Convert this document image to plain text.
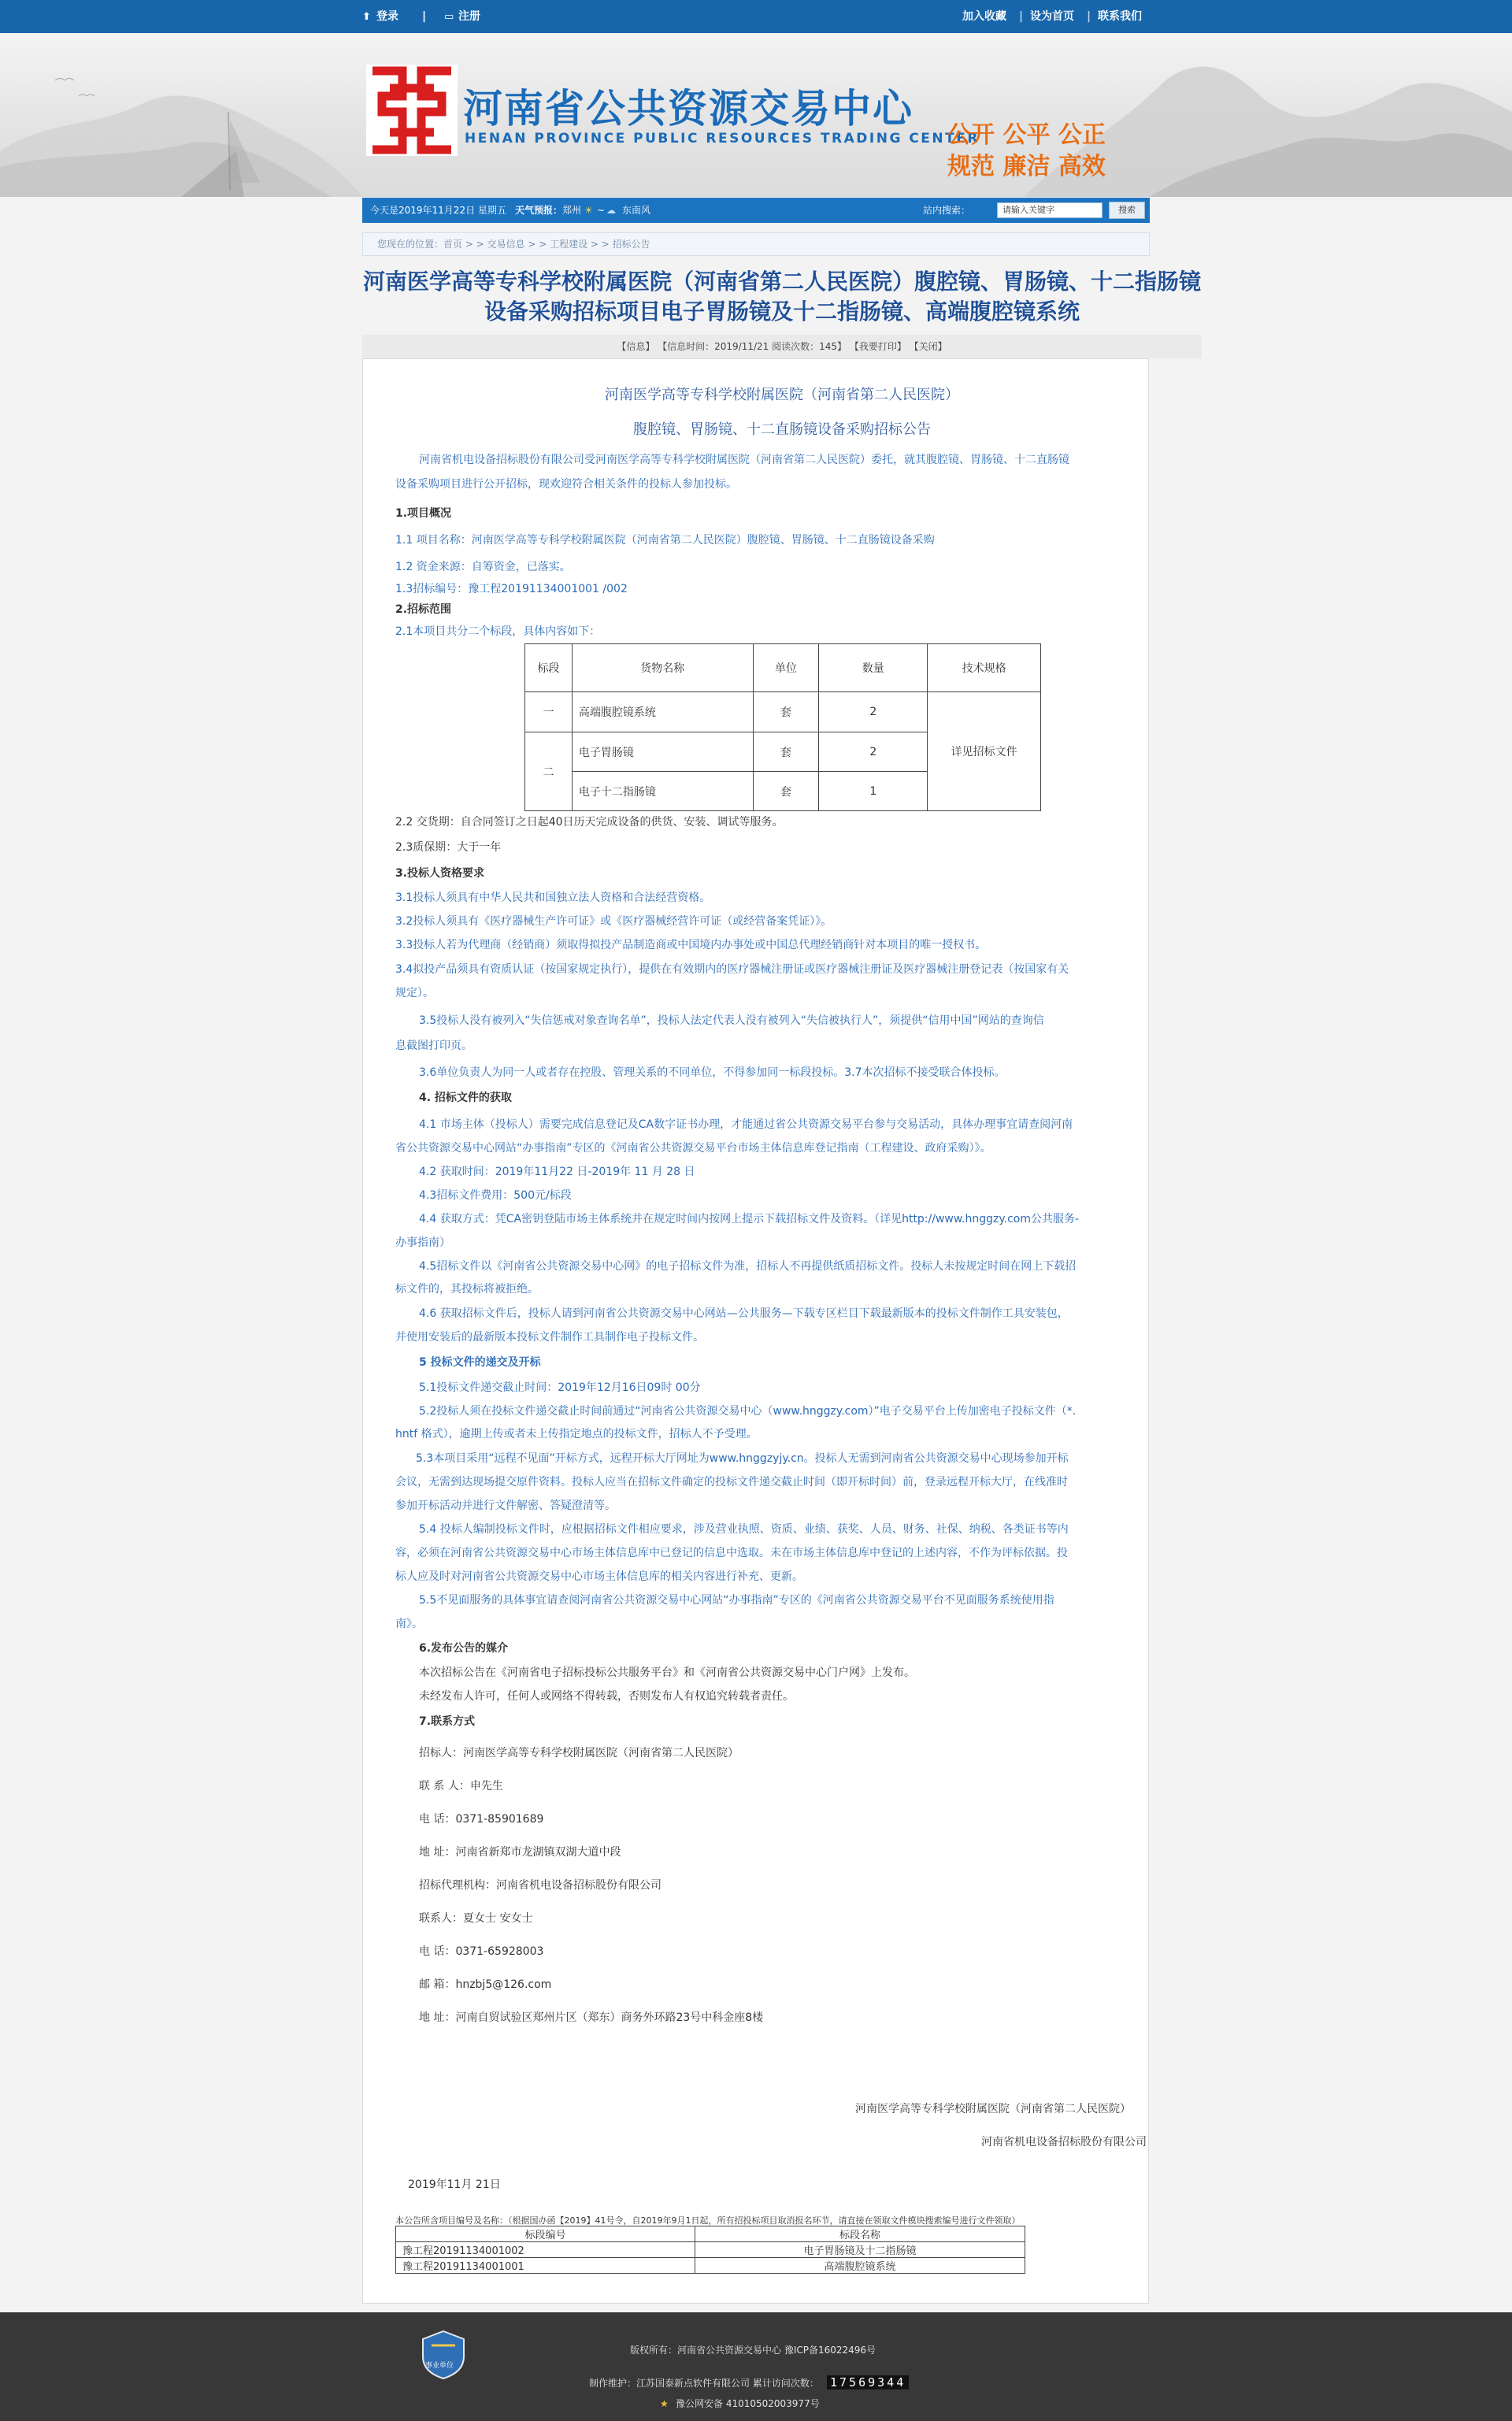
⬆ 登录 | ▭ 注册	加入收藏 | 设为首页 | 联系我们
河南省公共资源交易中心
HENAN PROVINCE PUBLIC RESOURCES TRADING CENTER
公开 公平 公正
规范 廉洁 高效
今天是2019年11月22日 星期五 天气预报： 郑州 ☀ ~ ☁ 东南风	站内搜索：	请输入关键字	搜索
您现在的位置：首页 > > 交易信息 > > 工程建设 > > 招标公告
河南医学高等专科学校附属医院（河南省第二人民医院）腹腔镜、胃肠镜、十二指肠镜
设备采购招标项目电子胃肠镜及十二指肠镜、高端腹腔镜系统
【信息】 【信息时间：2019/11/21 阅读次数：145】 【我要打印】 【关闭】
河南医学高等专科学校附属医院（河南省第二人民医院）
腹腔镜、胃肠镜、十二直肠镜设备采购招标公告
河南省机电设备招标股份有限公司受河南医学高等专科学校附属医院（河南省第二人民医院）委托，就其腹腔镜、胃肠镜、十二直肠镜
设备采购项目进行公开招标，现欢迎符合相关条件的投标人参加投标。
1.项目概况
1.1 项目名称：河南医学高等专科学校附属医院（河南省第二人民医院）腹腔镜、胃肠镜、十二直肠镜设备采购
1.2 资金来源：自筹资金，已落实。
1.3招标编号：豫工程20191134001001 /002
2.招标范围
2.1本项目共分二个标段，具体内容如下：
标段	货物名称	单位	数量	技术规格
一	高端腹腔镜系统	套	2	详见招标文件
二	电子胃肠镜	套	2	
	电子十二指肠镜	套	1	
2.2 交货期：自合同签订之日起40日历天完成设备的供货、安装、调试等服务。
2.3质保期：大于一年
3.投标人资格要求
3.1投标人须具有中华人民共和国独立法人资格和合法经营资格。
3.2投标人须具有《医疗器械生产许可证》或《医疗器械经营许可证（或经营备案凭证）》。
3.3投标人若为代理商（经销商）须取得拟投产品制造商或中国境内办事处或中国总代理经销商针对本项目的唯一授权书。
3.4拟投产品须具有资质认证（按国家规定执行），提供在有效期内的医疗器械注册证或医疗器械注册证及医疗器械注册登记表（按国家有关
规定）。
3.5投标人没有被列入“失信惩戒对象查询名单”，投标人法定代表人没有被列入“失信被执行人”，须提供“信用中国”网站的查询信
息截图打印页。
3.6单位负责人为同一人或者存在控股、管理关系的不同单位，不得参加同一标段投标。3.7本次招标不接受联合体投标。
4. 招标文件的获取
4.1 市场主体（投标人）需要完成信息登记及CA数字证书办理，才能通过省公共资源交易平台参与交易活动，具体办理事宜请查阅河南
省公共资源交易中心网站“办事指南”专区的《河南省公共资源交易平台市场主体信息库登记指南（工程建设、政府采购）》。
4.2 获取时间：2019年11月22 日-2019年 11 月 28 日
4.3招标文件费用：500元/标段
4.4 获取方式：凭CA密钥登陆市场主体系统并在规定时间内按网上提示下载招标文件及资料。（详见http://www.hnggzy.com公共服务-
办事指南）
4.5招标文件以《河南省公共资源交易中心网》的电子招标文件为准，招标人不再提供纸质招标文件。投标人未按规定时间在网上下载招
标文件的，其投标将被拒绝。
4.6 获取招标文件后，投标人请到河南省公共资源交易中心网站—公共服务—下载专区栏目下载最新版本的投标文件制作工具安装包，
并使用安装后的最新版本投标文件制作工具制作电子投标文件。
5 投标文件的递交及开标
5.1投标文件递交截止时间：2019年12月16日09时 00分
5.2投标人须在投标文件递交截止时间前通过“河南省公共资源交易中心（www.hnggzy.com）”电子交易平台上传加密电子投标文件（*.
hntf 格式），逾期上传或者未上传指定地点的投标文件，招标人不予受理。
5.3本项目采用“远程不见面”开标方式，远程开标大厅网址为www.hnggzyjy.cn。投标人无需到河南省公共资源交易中心现场参加开标
会议，无需到达现场提交原件资料。投标人应当在招标文件确定的投标文件递交截止时间（即开标时间）前，登录远程开标大厅，在线准时
参加开标活动并进行文件解密、答疑澄清等。
5.4 投标人编制投标文件时，应根据招标文件相应要求，涉及营业执照、资质、业绩、获奖、人员、财务、社保、纳税、各类证书等内
容，必须在河南省公共资源交易中心市场主体信息库中已登记的信息中选取。未在市场主体信息库中登记的上述内容，不作为评标依据。投
标人应及时对河南省公共资源交易中心市场主体信息库的相关内容进行补充、更新。
5.5不见面服务的具体事宜请查阅河南省公共资源交易中心网站“办事指南”专区的《河南省公共资源交易平台不见面服务系统使用指
南》。
6.发布公告的媒介
本次招标公告在《河南省电子招标投标公共服务平台》和《河南省公共资源交易中心门户网》上发布。
未经发布人许可，任何人或网络不得转载，否则发布人有权追究转载者责任。
7.联系方式
招标人：河南医学高等专科学校附属医院（河南省第二人民医院）
联 系 人：申先生
电 话：0371-85901689
地 址：河南省新郑市龙湖镇双湖大道中段
招标代理机构：河南省机电设备招标股份有限公司
联系人：夏女士 安女士
电 话：0371-65928003
邮 箱：hnzbj5@126.com
地 址：河南自贸试验区郑州片区（郑东）商务外环路23号中科金座8楼
河南医学高等专科学校附属医院（河南省第二人民医院）
河南省机电设备招标股份有限公司
2019年11月 21日
本公告所含项目编号及名称：（根据国办函【2019】41号令，自2019年9月1日起，所有招投标项目取消报名环节，请直接在领取文件模块搜索编号进行文件领取）
标段编号	标段名称
豫工程20191134001002	电子胃肠镜及十二指肠镜
豫工程20191134001001	高端腹腔镜系统
事业单位
版权所有：河南省公共资源交易中心 豫ICP备16022496号
制作维护：江苏国泰新点软件有限公司 累计访问次数：
★ 豫公网安备 41010502003977号
17569344
